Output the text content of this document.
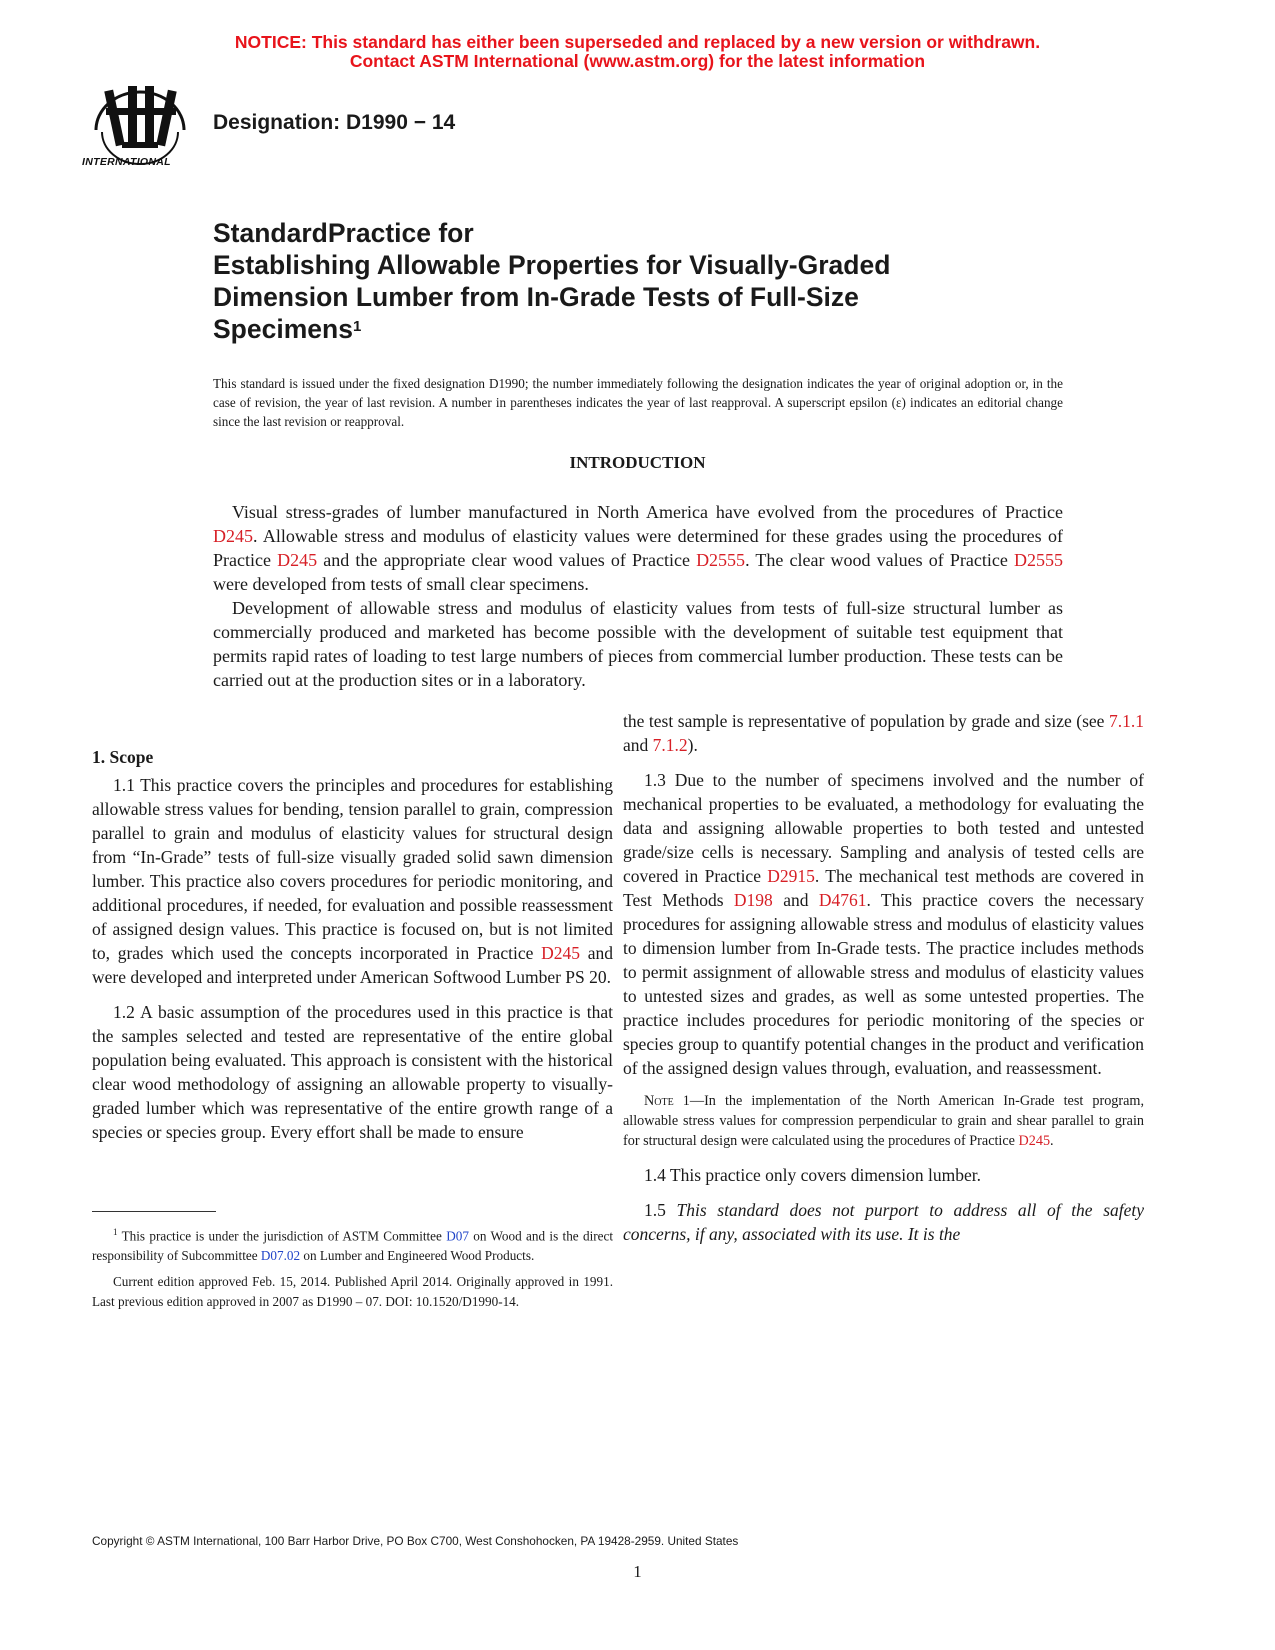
NOTICE: This standard has either been superseded and replaced by a new version or withdrawn.
Contact ASTM International (www.astm.org) for the latest information
INTERNATIONAL
Designation: D1990 − 14
StandardPractice for
Establishing Allowable Properties for Visually-Graded
Dimension Lumber from In-Grade Tests of Full-Size
Specimens$^1$
This standard is issued under the fixed designation D1990; the number immediately following the designation indicates the year of original adoption or, in the case of revision, the year of last revision. A number in parentheses indicates the year of last reapproval. A superscript epsilon (ε) indicates an editorial change since the last revision or reapproval.
INTRODUCTION

Visual stress-grades of lumber manufactured in North America have evolved from the procedures of Practice D245. Allowable stress and modulus of elasticity values were determined for these grades using the procedures of Practice D245 and the appropriate clear wood values of Practice D2555. The clear wood values of Practice D2555 were developed from tests of small clear specimens.

Development of allowable stress and modulus of elasticity values from tests of full-size structural lumber as commercially produced and marketed has become possible with the development of suitable test equipment that permits rapid rates of loading to test large numbers of pieces from commercial lumber production. These tests can be carried out at the production sites or in a laboratory.

1. Scope

1.1 This practice covers the principles and procedures for establishing allowable stress values for bending, tension parallel to grain, compression parallel to grain and modulus of elasticity values for structural design from “In-Grade” tests of full-size visually graded solid sawn dimension lumber. This practice also covers procedures for periodic monitoring, and additional procedures, if needed, for evaluation and possible reassessment of assigned design values. This practice is focused on, but is not limited to, grades which used the concepts incorporated in Practice D245 and were developed and interpreted under American Softwood Lumber PS 20.

1.2 A basic assumption of the procedures used in this practice is that the samples selected and tested are representative of the entire global population being evaluated. This approach is consistent with the historical clear wood methodology of assigning an allowable property to visually-graded lumber which was representative of the entire growth range of a species or species group. Every effort shall be made to ensure

$^1$ This practice is under the jurisdiction of ASTM Committee D07 on Wood and is the direct responsibility of Subcommittee D07.02 on Lumber and Engineered Wood Products.

Current edition approved Feb. 15, 2014. Published April 2014. Originally approved in 1991. Last previous edition approved in 2007 as D1990 – 07. DOI: 10.1520/D1990-14.

the test sample is representative of population by grade and size (see 7.1.1 and 7.1.2).

1.3 Due to the number of specimens involved and the number of mechanical properties to be evaluated, a methodology for evaluating the data and assigning allowable properties to both tested and untested grade/size cells is necessary. Sampling and analysis of tested cells are covered in Practice D2915. The mechanical test methods are covered in Test Methods D198 and D4761. This practice covers the necessary procedures for assigning allowable stress and modulus of elasticity values to dimension lumber from In-Grade tests. The practice includes methods to permit assignment of allowable stress and modulus of elasticity values to untested sizes and grades, as well as some untested properties. The practice includes procedures for periodic monitoring of the species or species group to quantify potential changes in the product and verification of the assigned design values through, evaluation, and reassessment.

Note 1—In the implementation of the North American In-Grade test program, allowable stress values for compression perpendicular to grain and shear parallel to grain for structural design were calculated using the procedures of Practice D245.

1.4 This practice only covers dimension lumber.

1.5 This standard does not purport to address all of the safety concerns, if any, associated with its use. It is the

Copyright © ASTM International, 100 Barr Harbor Drive, PO Box C700, West Conshohocken, PA 19428-2959. United States
1
